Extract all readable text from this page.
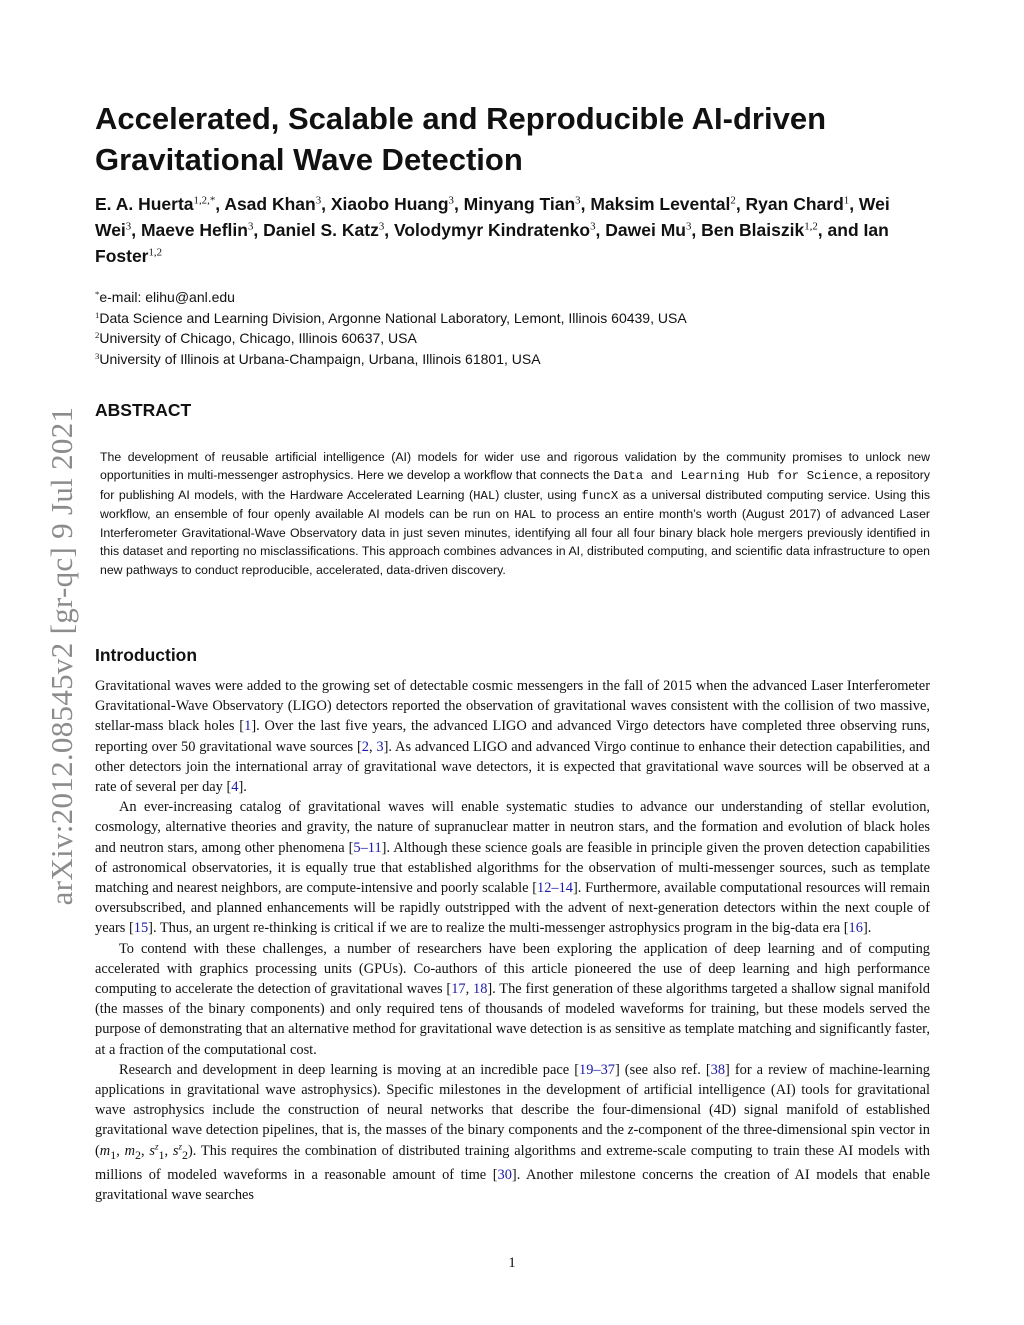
arXiv:2012.08545v2 [gr-qc] 9 Jul 2021
Accelerated, Scalable and Reproducible AI-driven Gravitational Wave Detection
E. A. Huerta$^{1,2,*}$, Asad Khan$^3$, Xiaobo Huang$^3$, Minyang Tian$^3$, Maksim Levental$^2$, Ryan Chard$^1$, Wei Wei$^3$, Maeve Heflin$^3$, Daniel S. Katz$^3$, Volodymyr Kindratenko$^3$, Dawei Mu$^3$, Ben Blaiszik$^{1,2}$, and Ian Foster$^{1,2}$
*e-mail: elihu@anl.edu
$^1$Data Science and Learning Division, Argonne National Laboratory, Lemont, Illinois 60439, USA
$^2$University of Chicago, Chicago, Illinois 60637, USA
$^3$University of Illinois at Urbana-Champaign, Urbana, Illinois 61801, USA
ABSTRACT
The development of reusable artificial intelligence (AI) models for wider use and rigorous validation by the community promises to unlock new opportunities in multi-messenger astrophysics. Here we develop a workflow that connects the Data and Learning Hub for Science, a repository for publishing AI models, with the Hardware Accelerated Learning (HAL) cluster, using funcX as a universal distributed computing service. Using this workflow, an ensemble of four openly available AI models can be run on HAL to process an entire month’s worth (August 2017) of advanced Laser Interferometer Gravitational-Wave Observatory data in just seven minutes, identifying all four all four binary black hole mergers previously identified in this dataset and reporting no misclassifications. This approach combines advances in AI, distributed computing, and scientific data infrastructure to open new pathways to conduct reproducible, accelerated, data-driven discovery.
Introduction

Gravitational waves were added to the growing set of detectable cosmic messengers in the fall of 2015 when the advanced Laser Interferometer Gravitational-Wave Observatory (LIGO) detectors reported the observation of gravitational waves consistent with the collision of two massive, stellar-mass black holes [1]. Over the last five years, the advanced LIGO and advanced Virgo detectors have completed three observing runs, reporting over 50 gravitational wave sources [2, 3]. As advanced LIGO and advanced Virgo continue to enhance their detection capabilities, and other detectors join the international array of gravitational wave detectors, it is expected that gravitational wave sources will be observed at a rate of several per day [4].

An ever-increasing catalog of gravitational waves will enable systematic studies to advance our understanding of stellar evolution, cosmology, alternative theories and gravity, the nature of supranuclear matter in neutron stars, and the formation and evolution of black holes and neutron stars, among other phenomena [5–11]. Although these science goals are feasible in principle given the proven detection capabilities of astronomical observatories, it is equally true that established algorithms for the observation of multi-messenger sources, such as template matching and nearest neighbors, are compute-intensive and poorly scalable [12–14]. Furthermore, available computational resources will remain oversubscribed, and planned enhancements will be rapidly outstripped with the advent of next-generation detectors within the next couple of years [15]. Thus, an urgent re-thinking is critical if we are to realize the multi-messenger astrophysics program in the big-data era [16].

To contend with these challenges, a number of researchers have been exploring the application of deep learning and of computing accelerated with graphics processing units (GPUs). Co-authors of this article pioneered the use of deep learning and high performance computing to accelerate the detection of gravitational waves [17, 18]. The first generation of these algorithms targeted a shallow signal manifold (the masses of the binary components) and only required tens of thousands of modeled waveforms for training, but these models served the purpose of demonstrating that an alternative method for gravitational wave detection is as sensitive as template matching and significantly faster, at a fraction of the computational cost.

Research and development in deep learning is moving at an incredible pace [19–37] (see also ref. [38] for a review of machine-learning applications in gravitational wave astrophysics). Specific milestones in the development of artificial intelligence (AI) tools for gravitational wave astrophysics include the construction of neural networks that describe the four-dimensional (4D) signal manifold of established gravitational wave detection pipelines, that is, the masses of the binary components and the z-component of the three-dimensional spin vector in ($m_1$, $m_2$, $s^z_1$, $s^z_2$). This requires the combination of distributed training algorithms and extreme-scale computing to train these AI models with millions of modeled waveforms in a reasonable amount of time [30]. Another milestone concerns the creation of AI models that enable gravitational wave searches

1
